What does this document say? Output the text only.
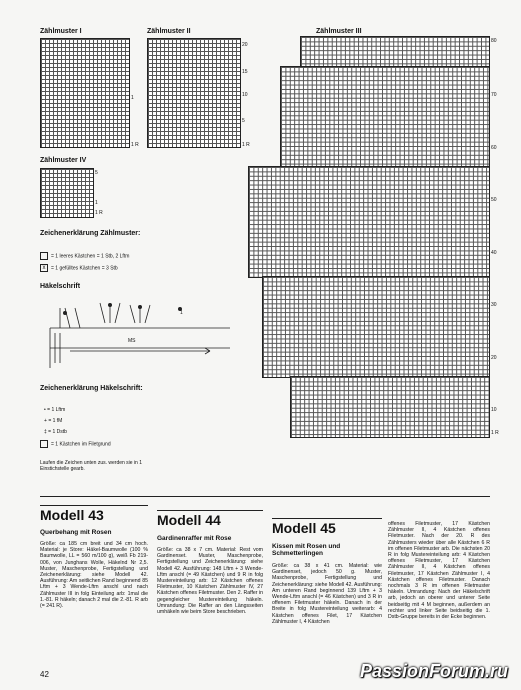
Zählmuster I	Zählmuster II	Zählmuster III
Zählmuster IV
1
1 R
20
15
10
5
1 R
80
70
60
50
40
30
20
10
1 R
5
1
1 R
Zeichenerklärung Zählmuster:
= 1 leeres Kästchen = 1 Stb, 2 Lftm
x = 1 gefülltes Kästchen = 3 Stb
Häkelschrift
MS
1
Zeichenerklärung Häkelschrift:
• = 1 Lftm
+ = 1 fM
‡ = 1 Dstb
= 1 Kästchen im Filetgrund
Laufen die Zeichen unten zus. werden sie in 1 Einstichstelle gearb.
Modell 43
Querbehang mit Rosen
Größe: ca 185 cm breit und 34 cm hoch. Material: je Store: Häkel-Baumwolle (100 % Baumwolle, LL = 560 m/100 g), weiß Fb 219-006, von Junghans Wolle, Häkelnd Nr 2,5. Muster, Maschenprobe, Fertigstellung und Zeichenerklärung: siehe Modell 42. Ausführung: Am seitlichen Rand beginnend 85 Lftm + 3 Wende-Lftm anschl und nach Zählmuster III in folg Einteilung arb: 1mal die 1.-81. R häkeln; danach 2 mal die 2.-81. R arb (= 241 R).
Modell 44
Gardinenraffer mit Rose
Größe: ca 38 x 7 cm. Material: Rest vom Gardinenset. Muster, Maschenprobe, Fertigstellung und Zeichenerklärung: siehe Modell 42. Ausführung: 148 Lftm + 3 Wende-Lftm anschl (= 49 Kästchen) und 9 R in folg Mustereinteilung arb: 12 Kästchen offenes Filetmuster, 10 Kästchen Zählmuster IV, 27 Kästchen offenes Filetmuster. Den 2. Raffer in gegengleicher Mustereinteilung häkeln. Umrandung: Die Raffer an den Längsseiten umhäkeln wie beim Store beschrieben.
Modell 45
Kissen mit Rosen und Schmetterlingen
Größe: ca 38 x 41 cm. Material: wie Gardinenset, jedoch 50 g. Muster, Maschenprobe, Fertigstellung und Zeichenerklärung: siehe Modell 42. Ausführung: Am unteren Rand beginnend 139 Lftm + 3 Wende-Lftm anschl (= 46 Kästchen) und 3 R in offenem Filetmuster häkeln. Danach in der Breite in folg Mustereinteilung weiterarb: 4 Kästchen offenes Filet, 17 Kästchen Zählmuster I, 4 Kästchen
offenes Filetmuster, 17 Kästchen Zählmuster II, 4 Kästchen offenes Filetmuster. Nach der 20. R des Zählmusters wieder über alle Kästchen 6 R im offenen Filetmuster arb. Die nächsten 20 R in folg Mustereinteilung arb: 4 Kästchen offenes Filetmuster, 17 Kästchen Zählmuster II, 4 Kästchen offenes Filetmuster, 17 Kästchen Zählmuster I, 4 Kästchen offenes Filetmuster. Danach nochmals 3 R im offenen Filetmuster häkeln. Umrandung: Nach der Häkelschrift arb, jedoch an oberer und unterer Seite beidseitig mit 4 M beginnen, außerdem an rechter und linker Seite beidseitig die 1. Dstb-Gruppe bereits in der Ecke beginnen.
42	PassionForum.ru
